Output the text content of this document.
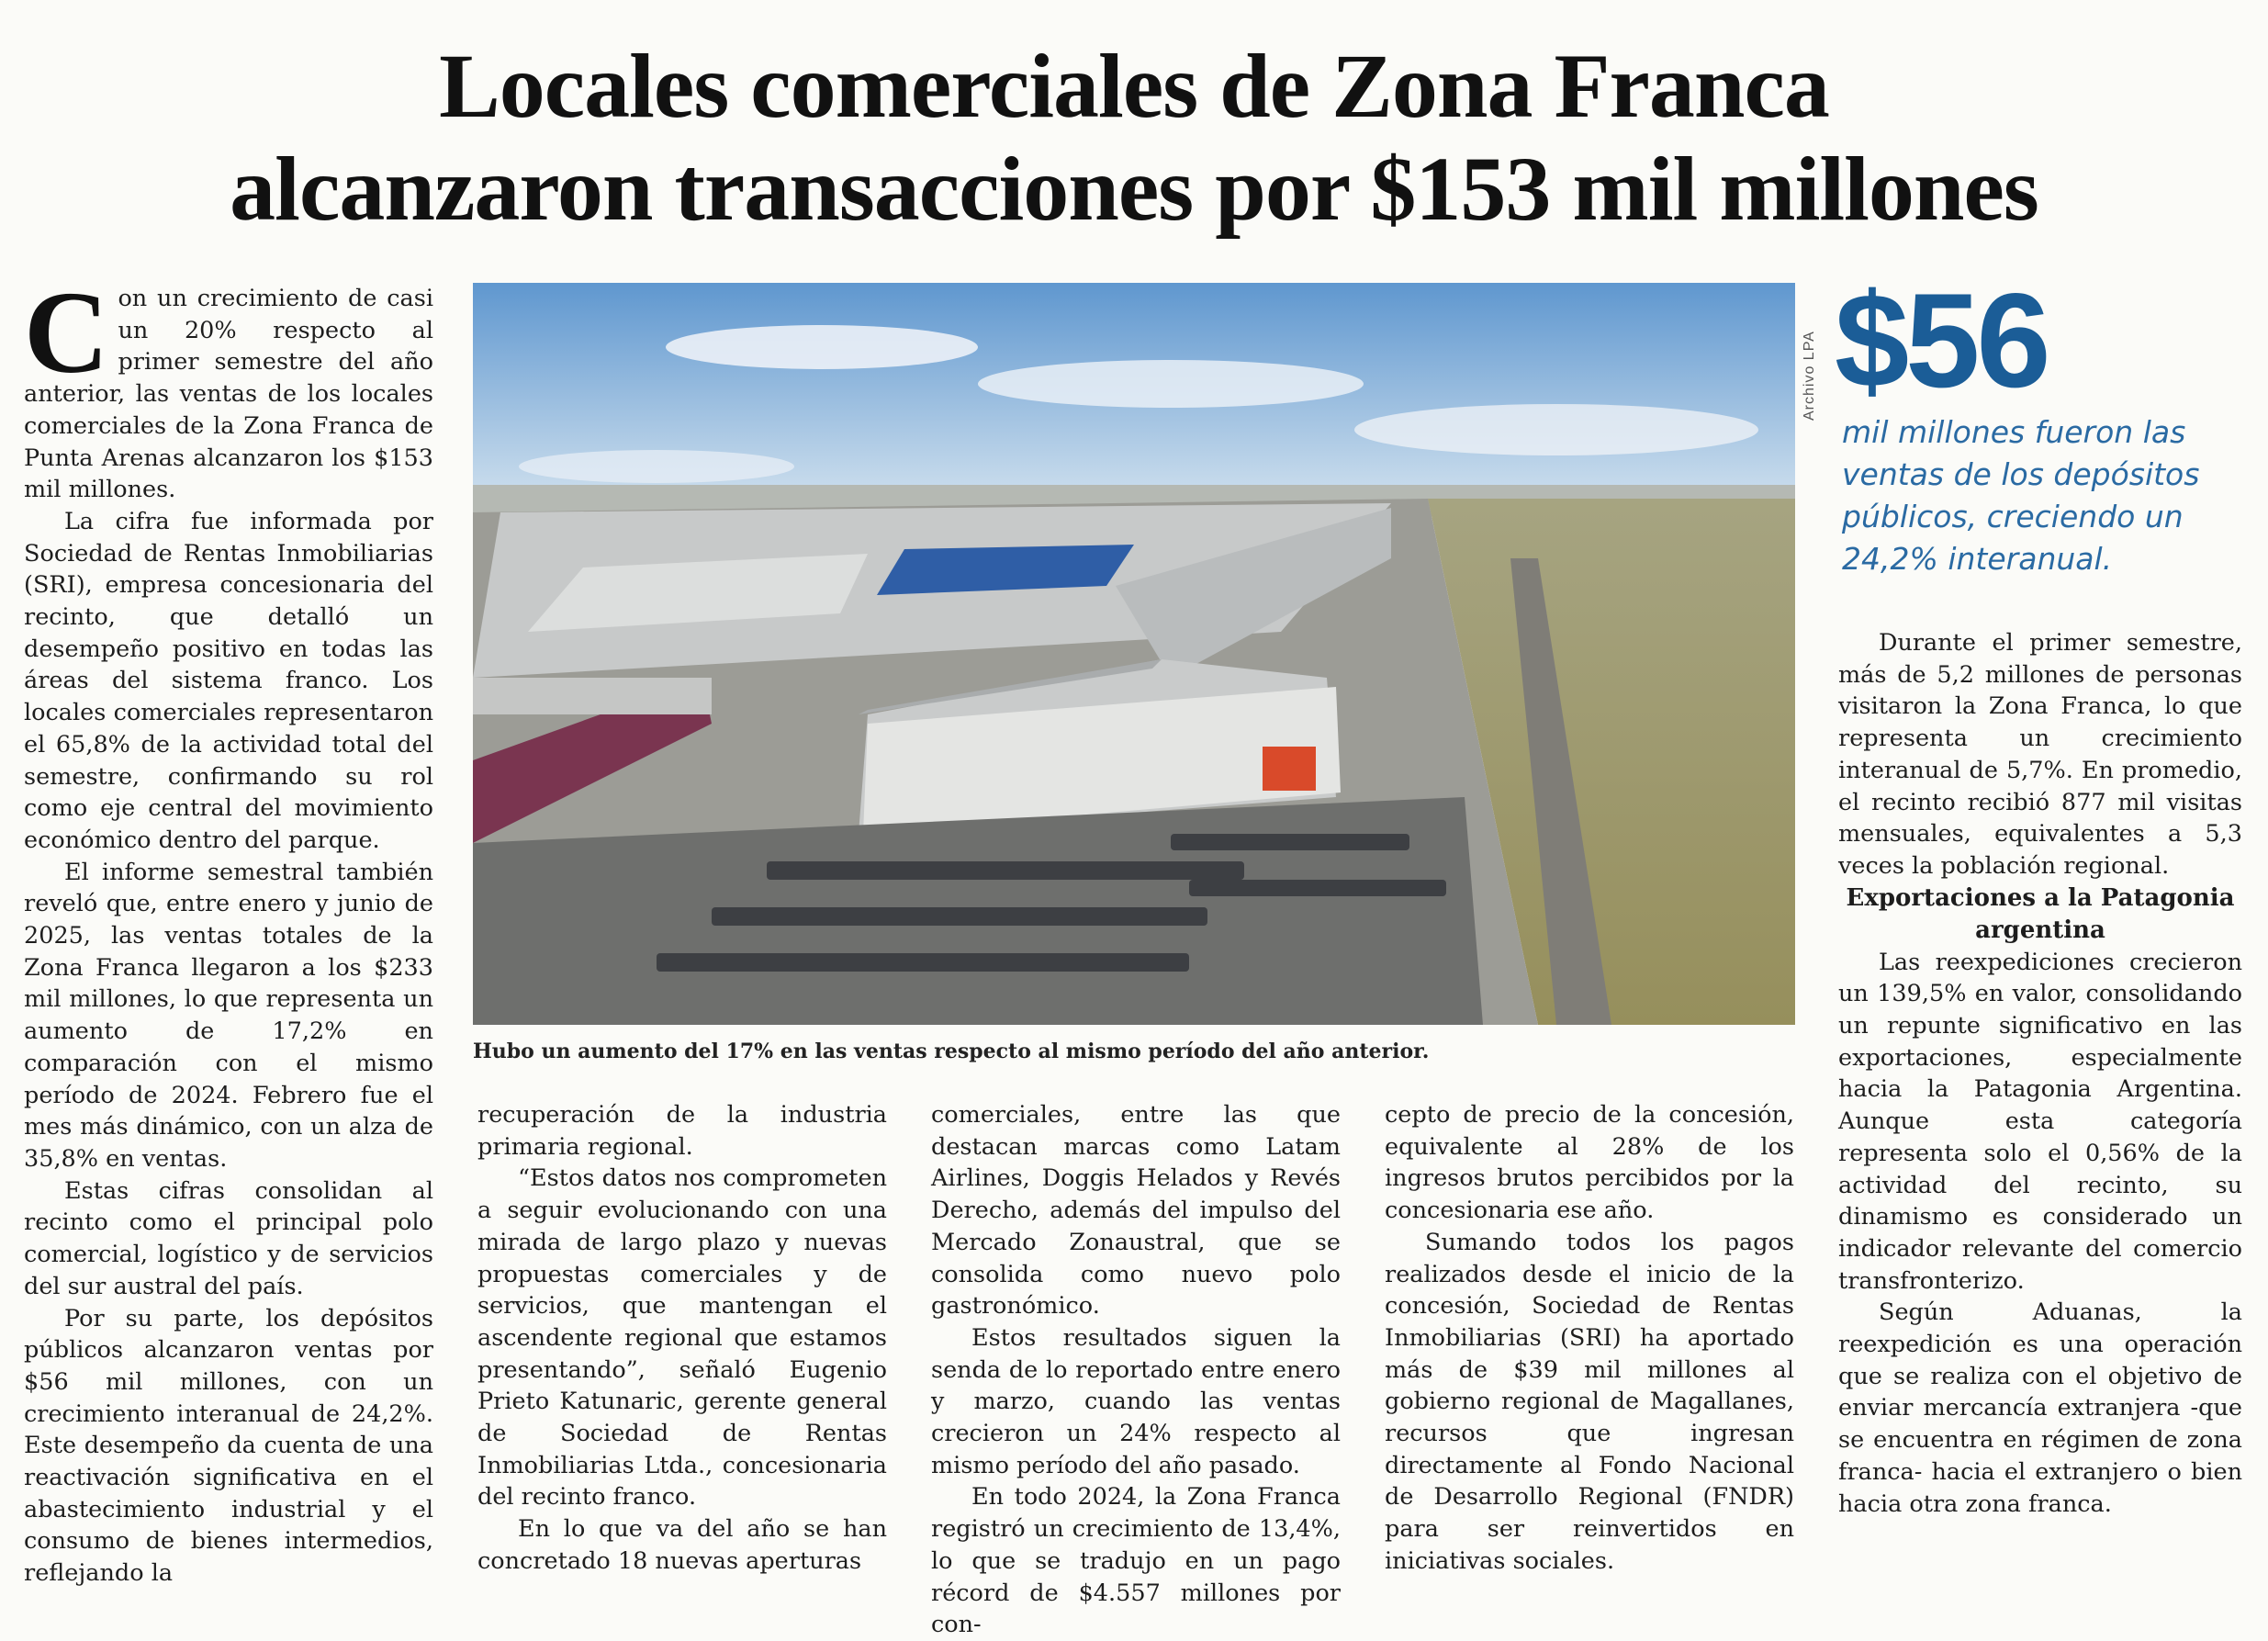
Locales comerciales de Zona Franca
alcanzaron transacciones por $153 mil millones

Con un crecimiento de casi un 20% respecto al primer semestre del año anterior, las ventas de los locales comerciales de la Zona Franca de Punta Arenas alcanzaron los $153 mil millones.

La cifra fue informada por Sociedad de Rentas Inmobiliarias (SRI), empresa concesionaria del recinto, que detalló un desempeño positivo en todas las áreas del sistema franco. Los locales comerciales representaron el 65,8% de la actividad total del semestre, confirmando su rol como eje central del movimiento económico dentro del parque.

El informe semestral también reveló que, entre enero y junio de 2025, las ventas totales de la Zona Franca llegaron a los $233 mil millones, lo que representa un aumento de 17,2% en comparación con el mismo período de 2024. Febrero fue el mes más dinámico, con un alza de 35,8% en ventas.

Estas cifras consolidan al recinto como el principal polo comercial, logístico y de servicios del sur austral del país.

Por su parte, los depósitos públicos alcanzaron ventas por $56 mil millones, con un crecimiento interanual de 24,2%. Este desempeño da cuenta de una reactivación significativa en el abastecimiento industrial y el consumo de bienes intermedios, reflejando la

Archivo LPA
Hubo un aumento del 17% en las ventas respecto al mismo período del año anterior.
$56
mil millones fueron las ventas de los depósitos públicos, creciendo un 24,2% interanual.

recuperación de la industria primaria regional.

“Estos datos nos comprometen a seguir evolucionando con una mirada de largo plazo y nuevas propuestas comerciales y de servicios, que mantengan el ascendente regional que estamos presentando”, señaló Eugenio Prieto Katunaric, gerente general de Sociedad de Rentas Inmobiliarias Ltda., concesionaria del recinto franco.

En lo que va del año se han concretado 18 nuevas aperturas

comerciales, entre las que destacan marcas como Latam Airlines, Doggis Helados y Revés Derecho, además del impulso del Mercado Zonaustral, que se consolida como nuevo polo gastronómico.

Estos resultados siguen la senda de lo reportado entre enero y marzo, cuando las ventas crecieron un 24% respecto al mismo período del año pasado.

En todo 2024, la Zona Franca registró un crecimiento de 13,4%, lo que se tradujo en un pago récord de $4.557 millones por con-

cepto de precio de la concesión, equivalente al 28% de los ingresos brutos percibidos por la concesionaria ese año.

Sumando todos los pagos realizados desde el inicio de la concesión, Sociedad de Rentas Inmobiliarias (SRI) ha aportado más de $39 mil millones al gobierno regional de Magallanes, recursos que ingresan directamente al Fondo Nacional de Desarrollo Regional (FNDR) para ser reinvertidos en iniciativas sociales.

Durante el primer semestre, más de 5,2 millones de personas visitaron la Zona Franca, lo que representa un crecimiento interanual de 5,7%. En promedio, el recinto recibió 877 mil visitas mensuales, equivalentes a 5,3 veces la población regional.

Exportaciones a la Patagonia argentina

Las reexpediciones crecieron un 139,5% en valor, consolidando un repunte significativo en las exportaciones, especialmente hacia la Patagonia Argentina. Aunque esta categoría representa solo el 0,56% de la actividad del recinto, su dinamismo es considerado un indicador relevante del comercio transfronterizo.

Según Aduanas, la reexpedición es una operación que se realiza con el objetivo de enviar mercancía extranjera -que se encuentra en régimen de zona franca- hacia el extranjero o bien hacia otra zona franca.
